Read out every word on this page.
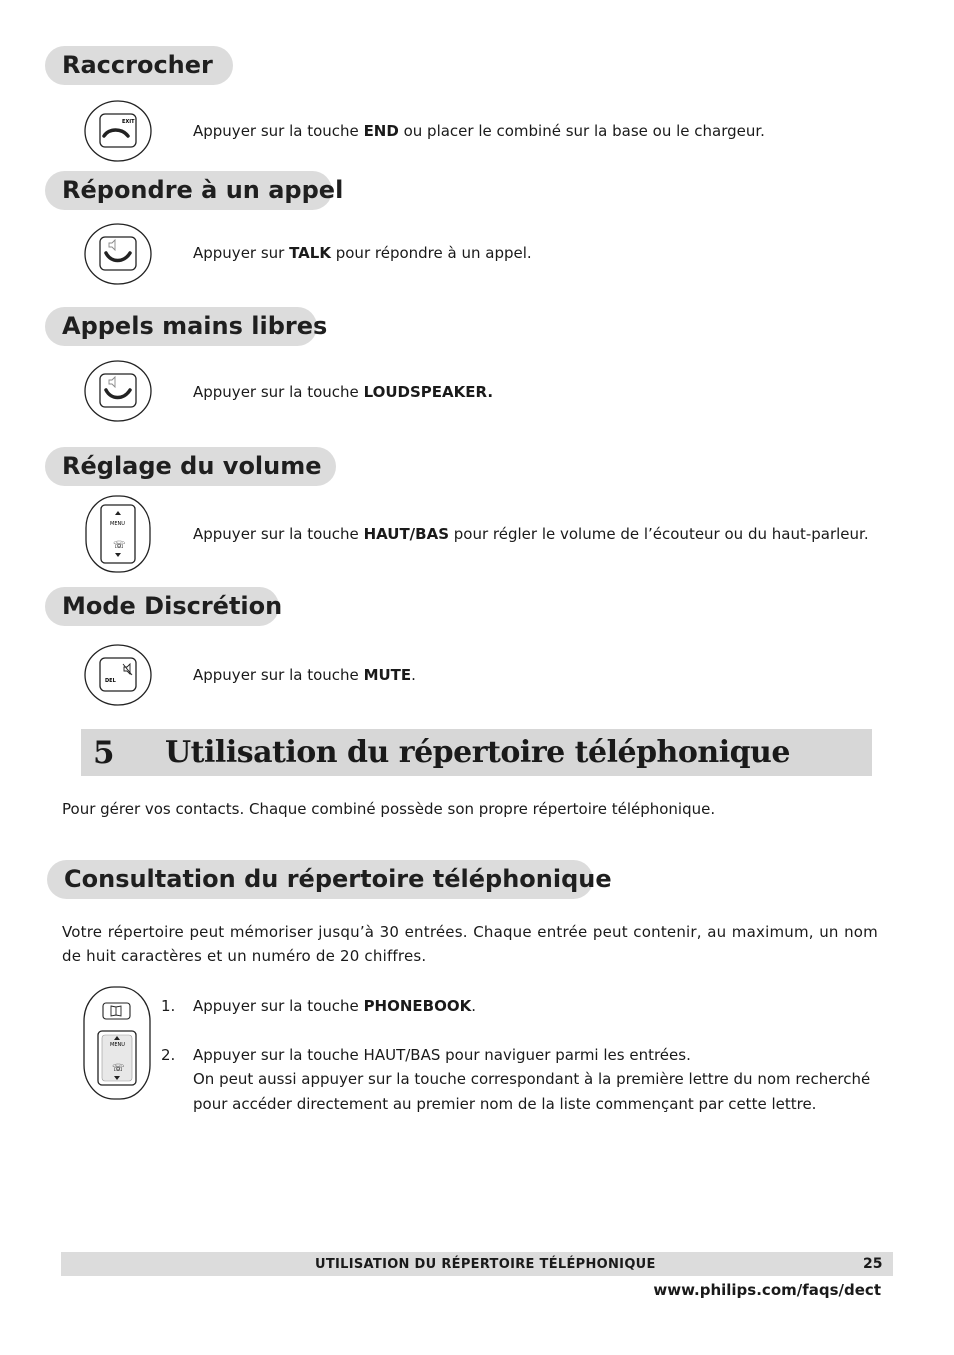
Raccrocher
EXIT	Appuyer sur la touche END ou placer le combiné sur la base ou le chargeur.
Répondre à un appel
Appuyer sur TALK pour répondre à un appel.
Appels mains libres
Appuyer sur la touche LOUDSPEAKER.
Réglage du volume
MENU
☏
Appuyer sur la touche HAUT/BAS pour régler le volume de l’écouteur ou du haut-parleur.
Mode Discrétion
DEL	Appuyer sur la touche MUTE.
5 Utilisation du répertoire téléphonique
Pour gérer vos contacts. Chaque combiné possède son propre répertoire téléphonique.
Consultation du répertoire téléphonique
Votre répertoire peut mémoriser jusqu’à 30 entrées. Chaque entrée peut contenir, au maximum, un nom de huit caractères et un numéro de 20 chiffres.
MENU
☏
1. Appuyer sur la touche PHONEBOOK.
2. Appuyer sur la touche HAUT/BAS pour naviguer parmi les entrées.
On peut aussi appuyer sur la touche correspondant à la première lettre du nom recherché
pour accéder directement au premier nom de la liste commençant par cette lettre.
UTILISATION DU RÉPERTOIRE TÉLÉPHONIQUE	25
www.philips.com/faqs/dect
